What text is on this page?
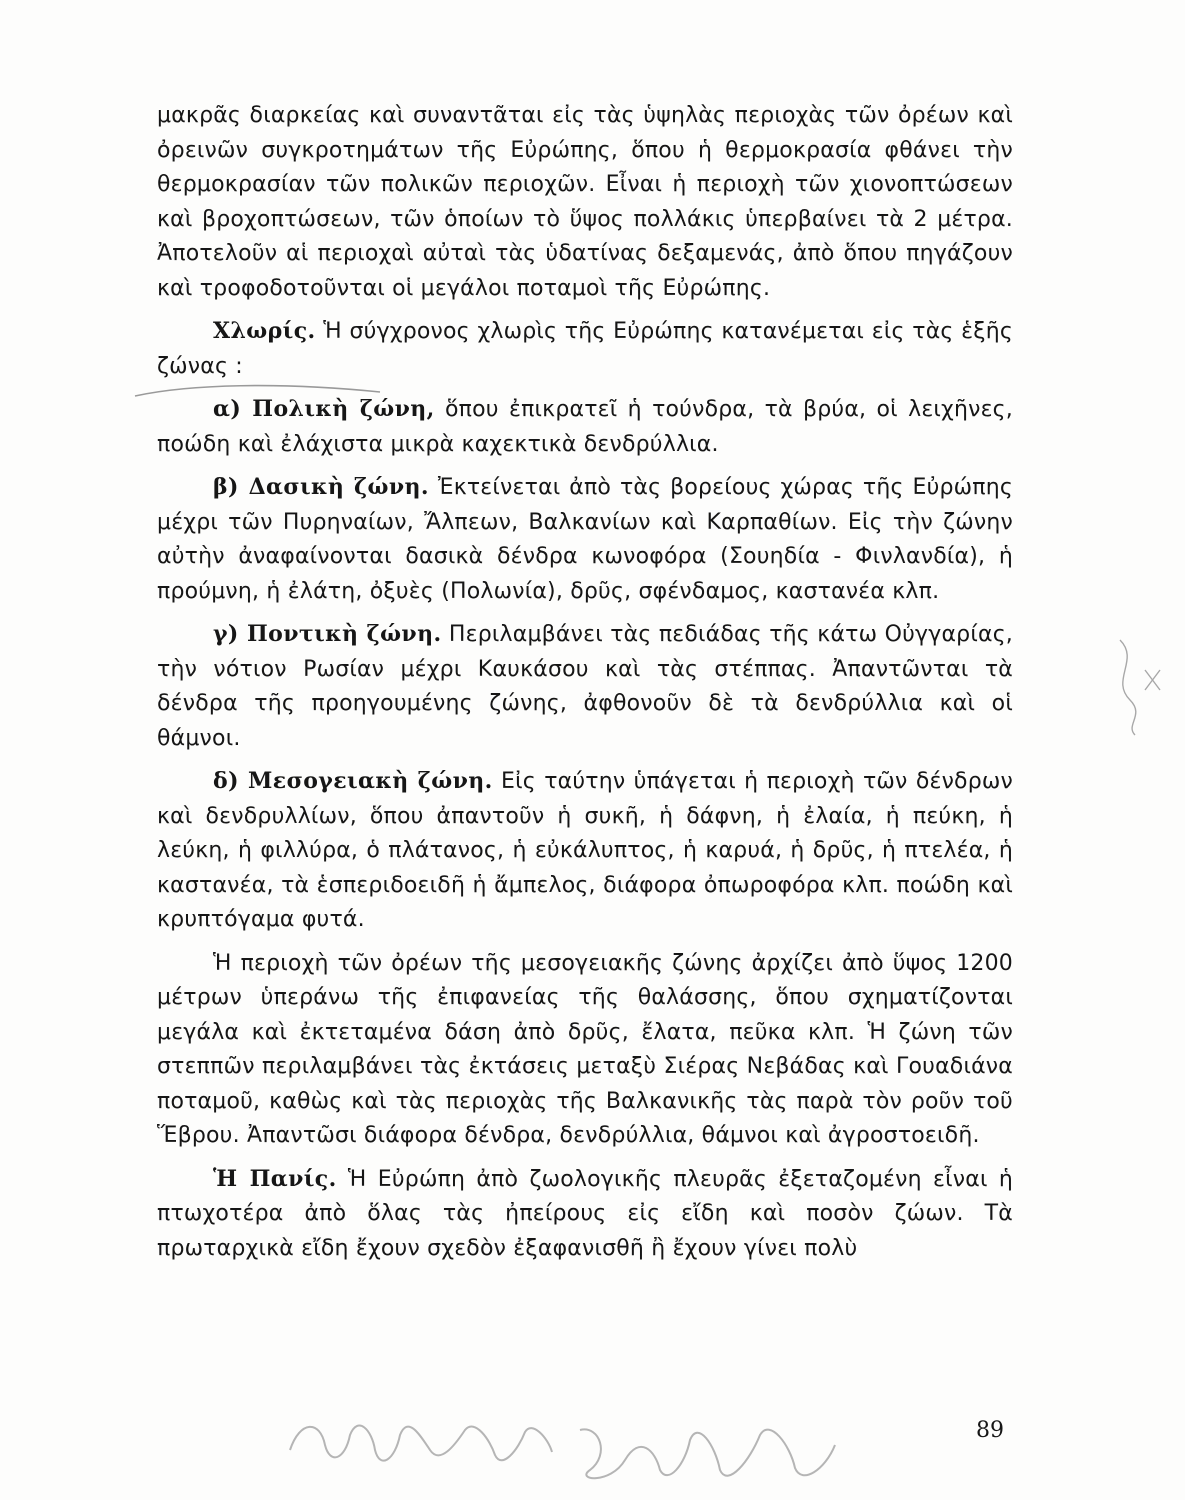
μακρᾶς διαρκείας καὶ συναντᾶται εἰς τὰς ὑψηλὰς περιοχὰς τῶν ὀρέων καὶ ὀρεινῶν συγκροτημάτων τῆς Εὐρώπης, ὅπου ἡ θερμοκρασία φθάνει τὴν θερμοκρασίαν τῶν πολικῶν περιοχῶν. Εἶναι ἡ περιοχὴ τῶν χιονοπτώσεων καὶ βροχοπτώσεων, τῶν ὁποίων τὸ ὕψος πολλάκις ὑπερβαίνει τὰ 2 μέτρα. Ἀποτελοῦν αἱ περιοχαὶ αὐταὶ τὰς ὑδατίνας δεξαμενάς, ἀπὸ ὅπου πηγάζουν καὶ τροφοδοτοῦνται οἱ μεγάλοι ποταμοὶ τῆς Εὐρώπης.

Χλωρίς. Ἡ σύγχρονος χλωρὶς τῆς Εὐρώπης κατανέμεται εἰς τὰς ἑξῆς ζώνας :

α) Πολικὴ ζώνη, ὅπου ἐπικρατεῖ ἡ τούνδρα, τὰ βρύα, οἱ λειχῆνες, ποώδη καὶ ἐλάχιστα μικρὰ καχεκτικὰ δενδρύλλια.

β) Δασικὴ ζώνη. Ἐκτείνεται ἀπὸ τὰς βορείους χώρας τῆς Εὐρώπης μέχρι τῶν Πυρηναίων, Ἄλπεων, Βαλκανίων καὶ Καρπαθίων. Εἰς τὴν ζώνην αὐτὴν ἀναφαίνονται δασικὰ δένδρα κωνοφόρα (Σουηδία - Φινλανδία), ἡ προύμνη, ἡ ἐλάτη, ὀξυὲς (Πολωνία), δρῦς, σφένδαμος, καστανέα κλπ.

γ) Ποντικὴ ζώνη. Περιλαμβάνει τὰς πεδιάδας τῆς κάτω Οὐγγαρίας, τὴν νότιον Ρωσίαν μέχρι Καυκάσου καὶ τὰς στέππας. Ἀπαντῶνται τὰ δένδρα τῆς προηγουμένης ζώνης, ἀφθονοῦν δὲ τὰ δενδρύλλια καὶ οἱ θάμνοι.

δ) Μεσογειακὴ ζώνη. Εἰς ταύτην ὑπάγεται ἡ περιοχὴ τῶν δένδρων καὶ δενδρυλλίων, ὅπου ἀπαντοῦν ἡ συκῆ, ἡ δάφνη, ἡ ἐλαία, ἡ πεύκη, ἡ λεύκη, ἡ φιλλύρα, ὁ πλάτανος, ἡ εὐκάλυπτος, ἡ καρυά, ἡ δρῦς, ἡ πτελέα, ἡ καστανέα, τὰ ἑσπεριδοειδῆ ἡ ἄμπελος, διάφορα ὀπωροφόρα κλπ. ποώδη καὶ κρυπτόγαμα φυτά.

Ἡ περιοχὴ τῶν ὀρέων τῆς μεσογειακῆς ζώνης ἀρχίζει ἀπὸ ὕψος 1200 μέτρων ὑπεράνω τῆς ἐπιφανείας τῆς θαλάσσης, ὅπου σχηματίζονται μεγάλα καὶ ἐκτεταμένα δάση ἀπὸ δρῦς, ἔλατα, πεῦκα κλπ. Ἡ ζώνη τῶν στεππῶν περιλαμβάνει τὰς ἐκτάσεις μεταξὺ Σιέρας Νεβάδας καὶ Γουαδιάνα ποταμοῦ, καθὼς καὶ τὰς περιοχὰς τῆς Βαλκανικῆς τὰς παρὰ τὸν ροῦν τοῦ Ἕβρου. Ἀπαντῶσι διάφορα δένδρα, δενδρύλλια, θάμνοι καὶ ἀγροστοειδῆ.

Ἡ Πανίς. Ἡ Εὐρώπη ἀπὸ ζωολογικῆς πλευρᾶς ἐξεταζομένη εἶναι ἡ πτωχοτέρα ἀπὸ ὅλας τὰς ἠπείρους εἰς εἴδη καὶ ποσὸν ζώων. Τὰ πρωταρχικὰ εἴδη ἔχουν σχεδὸν ἐξαφανισθῆ ἢ ἔχουν γίνει πολὺ

89
